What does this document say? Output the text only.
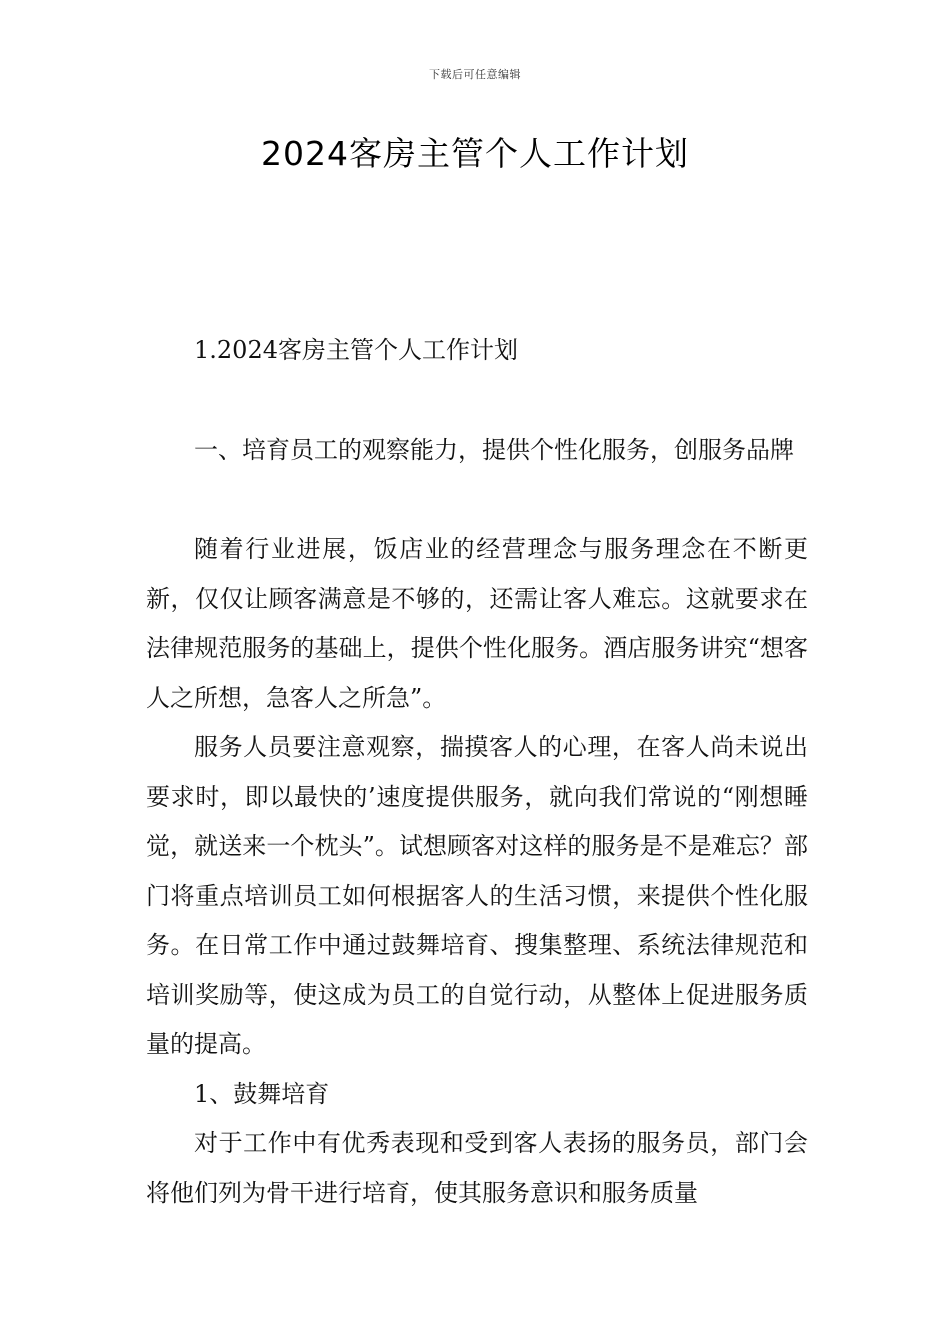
下载后可任意编辑
2024客房主管个人工作计划

1.2024客房主管个人工作计划

一、培育员工的观察能力，提供个性化服务，创服务品牌

随着行业进展，饭店业的经营理念与服务理念在不断更新，仅仅让顾客满意是不够的，还需让客人难忘。这就要求在法律规范服务的基础上，提供个性化服务。酒店服务讲究“想客人之所想，急客人之所急”。

服务人员要注意观察，揣摸客人的心理，在客人尚未说出要求时，即以最快的’速度提供服务，就向我们常说的“刚想睡觉，就送来一个枕头”。试想顾客对这样的服务是不是难忘？部门将重点培训员工如何根据客人的生活习惯，来提供个性化服务。在日常工作中通过鼓舞培育、搜集整理、系统法律规范和培训奖励等，使这成为员工的自觉行动，从整体上促进服务质量的提高。

1、鼓舞培育

对于工作中有优秀表现和受到客人表扬的服务员，部门会将他们列为骨干进行培育，使其服务意识和服务质量
